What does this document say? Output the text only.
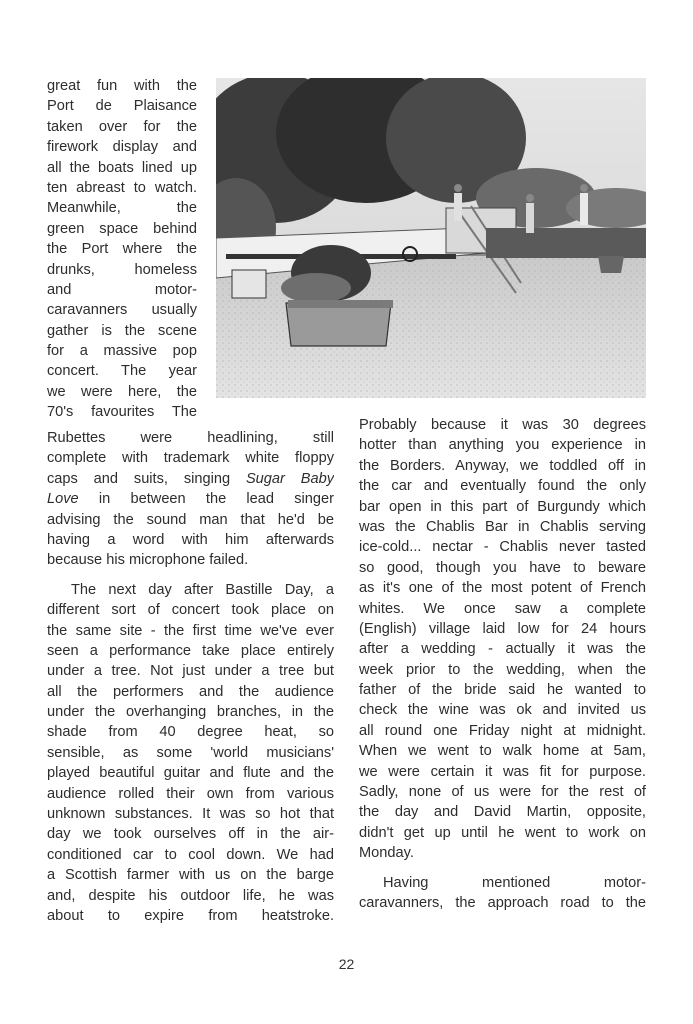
great fun with the
Port de Plaisance
taken over for the
firework display and
all the boats lined up
ten abreast to watch.
Meanwhile, the
green space behind
the Port where the
drunks, homeless
and motor-
caravanners usually
gather is the scene
for a massive pop
concert. The year
we were here, the
70's favourites The
Rubettes were headlining, still
complete with trademark white floppy
caps and suits, singing Sugar Baby
Love in between the lead singer
advising the sound man that he'd be
having a word with him afterwards
because his microphone failed.
The next day after Bastille Day, a
different sort of concert took place on
the same site - the first time we've ever
seen a performance take place entirely
under a tree. Not just under a tree but
all the performers and the audience
under the overhanging branches, in the
shade from 40 degree heat, so
sensible, as some 'world musicians'
played beautiful guitar and flute and the
audience rolled their own from various
unknown substances. It was so hot that
day we took ourselves off in the air-
conditioned car to cool down. We had
a Scottish farmer with us on the barge
and, despite his outdoor life, he was
about to expire from heatstroke.
Probably because it was 30 degrees
hotter than anything you experience in
the Borders. Anyway, we toddled off in
the car and eventually found the only
bar open in this part of Burgundy which
was the Chablis Bar in Chablis serving
ice-cold... nectar - Chablis never tasted
so good, though you have to beware
as it's one of the most potent of French
whites. We once saw a complete
(English) village laid low for 24 hours
after a wedding - actually it was the
week prior to the wedding, when the
father of the bride said he wanted to
check the wine was ok and invited us
all round one Friday night at midnight.
When we went to walk home at 5am,
we were certain it was fit for purpose.
Sadly, none of us were for the rest of
the day and David Martin, opposite,
didn't get up until he went to work on
Monday.
Having mentioned motor-
caravanners, the approach road to the
22
